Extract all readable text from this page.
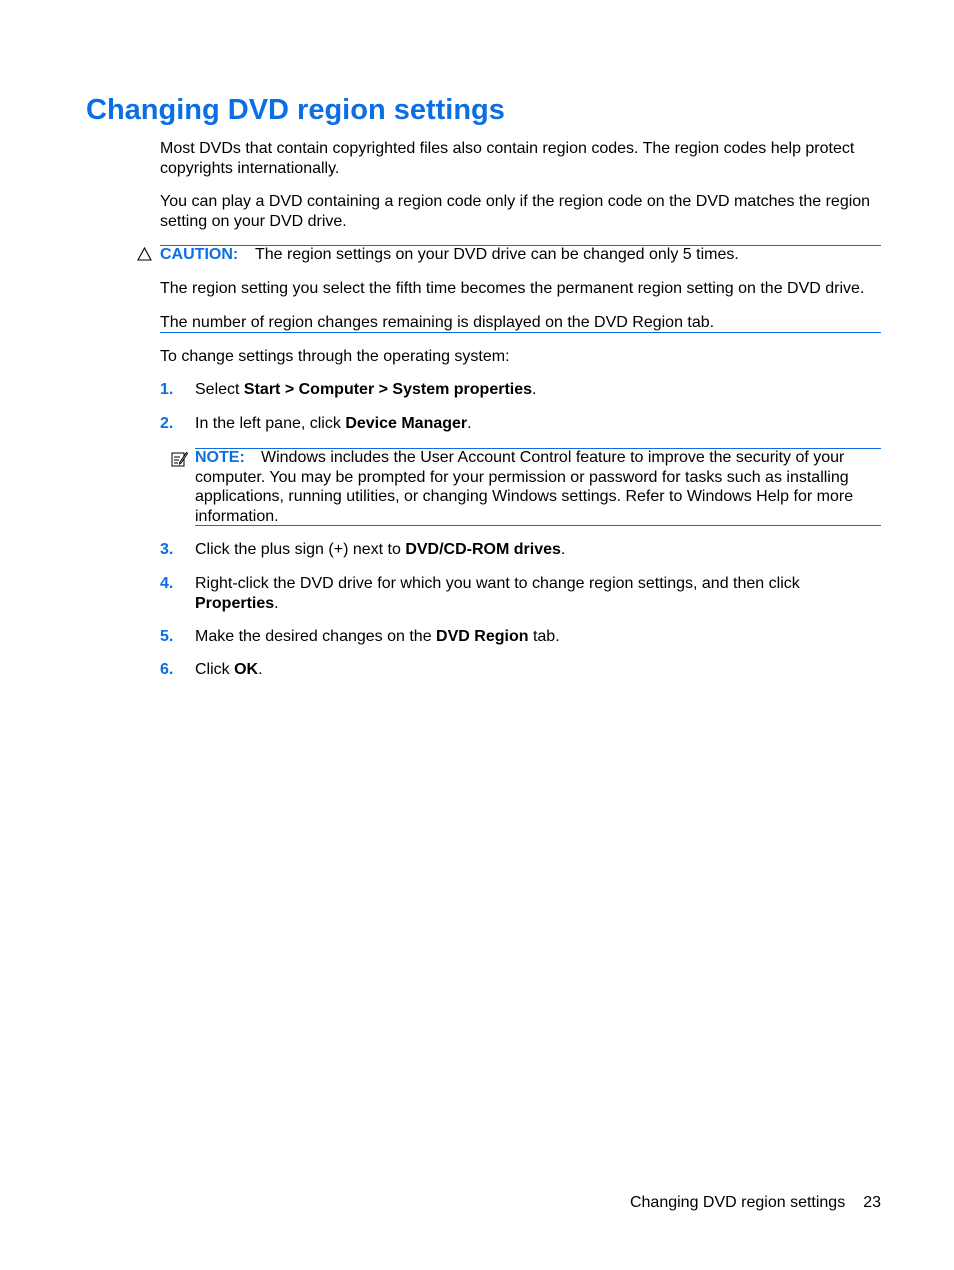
Changing DVD region settings

Most DVDs that contain copyrighted files also contain region codes. The region codes help protect copyrights internationally.

You can play a DVD containing a region code only if the region code on the DVD matches the region setting on your DVD drive.

CAUTION: The region settings on your DVD drive can be changed only 5 times.

The region setting you select the fifth time becomes the permanent region setting on the DVD drive.

The number of region changes remaining is displayed on the DVD Region tab.

To change settings through the operating system:

1. Select Start > Computer > System properties.
2. In the left pane, click Device Manager.

NOTE: Windows includes the User Account Control feature to improve the security of your computer. You may be prompted for your permission or password for tasks such as installing applications, running utilities, or changing Windows settings. Refer to Windows Help for more information.

3. Click the plus sign (+) next to DVD/CD-ROM drives.
4. Right-click the DVD drive for which you want to change region settings, and then click Properties.
5. Make the desired changes on the DVD Region tab.
6. Click OK.
Changing DVD region settings 23
